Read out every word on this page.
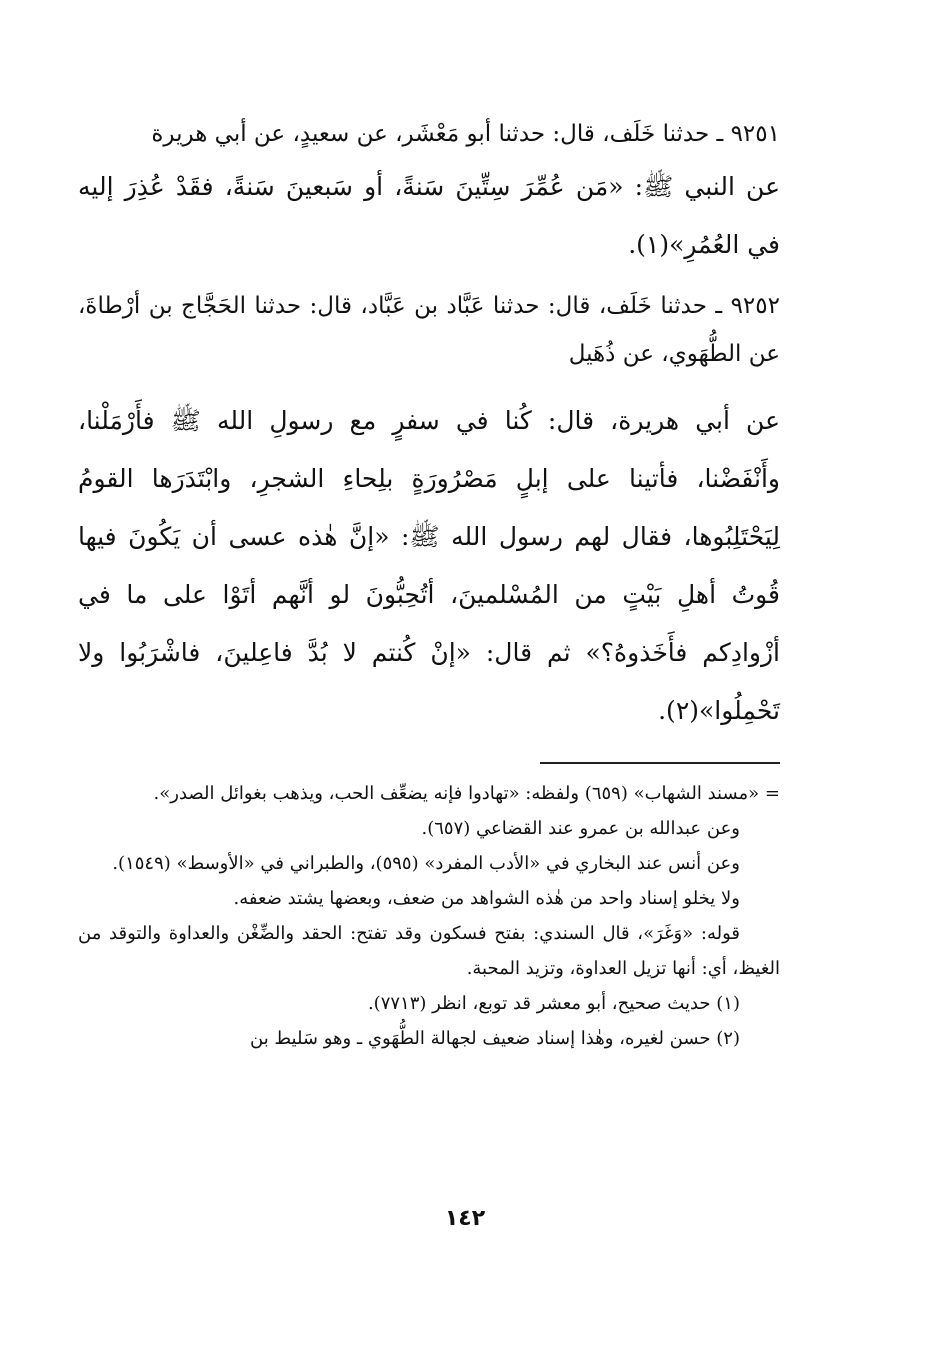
٩٢٥١ ـ حدثنا خَلَف، قال: حدثنا أبو مَعْشَر، عن سعيدٍ، عن أبي هريرة

عن النبي ﷺ: «مَن عُمِّرَ سِتِّينَ سَنةً، أو سَبعينَ سَنةً، فقَدْ عُذِرَ إليه في العُمُرِ»(١).

٩٢٥٢ ـ حدثنا خَلَف، قال: حدثنا عَبَّاد بن عَبَّاد، قال: حدثنا الحَجَّاج بن أرْطاةَ، عن الطُّهَوي، عن ذُهَيل

عن أبي هريرة، قال: كُنا في سفرٍ مع رسولِ الله ﷺ فأَرْمَلْنا، وأَنْفَضْنا، فأتينا على إبلٍ مَصْرُورَةٍ بلِحاءِ الشجرِ، وابْتَدَرَها القومُ لِيَحْتَلِبُوها، فقال لهم رسول الله ﷺ: «إنَّ هٰذه عسى أن يَكُونَ فيها قُوتُ أهلِ بَيْتٍ من المُسْلمينَ، أتُحِبُّونَ لو أنَّهم أتَوْا على ما في أزْوادِكم فأَخَذوهُ؟» ثم قال: «إنْ كُنتم لا بُدَّ فاعِلينَ، فاشْرَبُوا ولا تَحْمِلُوا»(٢).

= «مسند الشهاب» (٦٥٩) ولفظه: «تهادوا فإنه يضعِّف الحب، ويذهب بغوائل الصدر».

وعن عبدالله بن عمرو عند القضاعي (٦٥٧).

وعن أنس عند البخاري في «الأدب المفرد» (٥٩٥)، والطبراني في «الأوسط» (١٥٤٩).

ولا يخلو إسناد واحد من هٰذه الشواهد من ضعف، وبعضها يشتد ضعفه.

قوله: «وَغَرَ»، قال السندي: بفتح فسكون وقد تفتح: الحقد والضِّغْن والعداوة والتوقد من الغيظ، أي: أنها تزيل العداوة، وتزيد المحبة.

(١) حديث صحيح، أبو معشر قد توبع، انظر (٧٧١٣).

(٢) حسن لغيره، وهٰذا إسناد ضعيف لجهالة الطُّهَوي ـ وهو سَليط بن

١٤٢
